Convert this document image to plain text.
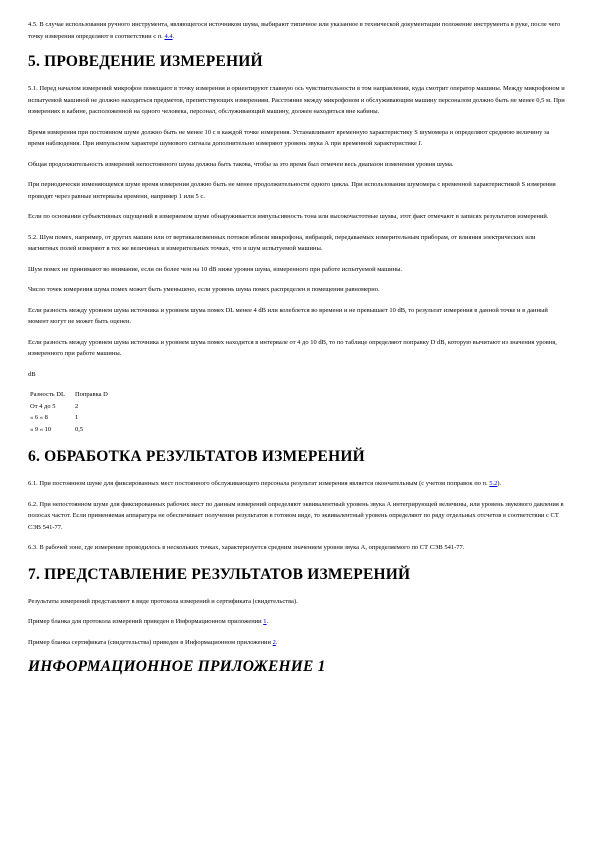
4.5. В случае использования ручного инструмента, являющегося источником шума, выбирают типичное или указанное в технической документации положение инструмента в руке, после чего точку измерения определяют в соответствии с п. 4.4.

5. ПРОВЕДЕНИЕ ИЗМЕРЕНИЙ

5.1. Перед началом измерений микрофон помещают в точку измерения и ориентируют главную ось чувствительности в том направлении, куда смотрит оператор машины. Между микрофоном и испытуемой машиной не должно находиться предметов, препятствующих измерениям. Расстояние между микрофоном и обслуживающим машину персоналом должно быть не менее 0,5 м. При измерениях в кабине, расположенной на одного человека, персонал, обслуживающий машину, должен находиться вне кабины.

Время измерения при постоянном шуме должно быть не менее 10 с в каждой точке измерения. Устанавливают временную характеристику S шумомера и определяют среднюю величину за время наблюдения. При импульсном характере шумового сигнала дополнительно измеряют уровень звука А при временной характеристике I.

Общая продолжительность измерений непостоянного шума должна быть такова, чтобы за это время был отмечен весь диапазон изменения уровня шума.

При периодически изменяющемся шуме время измерения должно быть не менее продолжительности одного цикла. При использовании шумомера с временной характеристикой S измерения проводят через равные интервалы времени, например 1 или 5 с.

Если по основании субъективных ощущений в измеряемом шуме обнаруживается импульсивность тона или высокочастотные шумы, этот факт отмечают в записях результатов измерений.

5.2. Шум помех, например, от других машин или от вертикализменных потоков вблизи микрофона, вибраций, передаваемых измерительным приборам, от влияния электрических или магнитных полей измеряют в тех же величинах и измерительных точках, что и шум испытуемой машины.

Шум помех не принимают во внимание, если он более чем на 10 dB ниже уровня шума, измеренного при работе испытуемой машины.

Число точек измерения шума помех может быть уменьшено, если уровень шума помех распределен в помещении равномерно.

Если разность между уровнем шума источника и уровнем шума помех DL менее 4 dB или колеблется во времени и не превышает 10 dB, то результат измерения в данной точке и в данный момент могут не может быть оценен.

Если разность между уровнем шума источника и уровнем шума помех находится в интервале от 4 до 10 dB, то по таблице определяют поправку D dB, которую вычитают из значения уровня, измеренного при работе машины.

dB
Разность DL	Поправка D
От 4 до 5	2
« 6 « 8	1
« 9 « 10	0,5
6. ОБРАБОТКА РЕЗУЛЬТАТОВ ИЗМЕРЕНИЙ

6.1. При постоянном шуме для фиксированных мест постоянного обслуживающего персонала результат измерения является окончательным (с учетом поправок по п. 5.2).

6.2. При непостоянном шуме для фиксированных рабочих мест по данным измерений определяют эквивалентный уровень звука А интегрирующей величины, или уровень звукового давления в полосах частот. Если применяемая аппаратура не обеспечивает получения результатов в готовом виде, то эквивалентный уровень определяют по ряду отдельных отсчетов в соответствии с СТ СЭВ 541-77.

6.3. В рабочей зоне, где измерение проводилось в нескольких точках, характеризуется средним значением уровня звука А, определяемого по СТ СЭВ 541-77.

7. ПРЕДСТАВЛЕНИЕ РЕЗУЛЬТАТОВ ИЗМЕРЕНИЙ

Результаты измерений представляют в виде протокола измерений и сертификата (свидетельства).

Пример бланка для протокола измерений приведен в Информационном приложении 1.

Пример бланка сертификата (свидетельства) приведен в Информационном приложении 2.

ИНФОРМАЦИОННОЕ ПРИЛОЖЕНИЕ 1
